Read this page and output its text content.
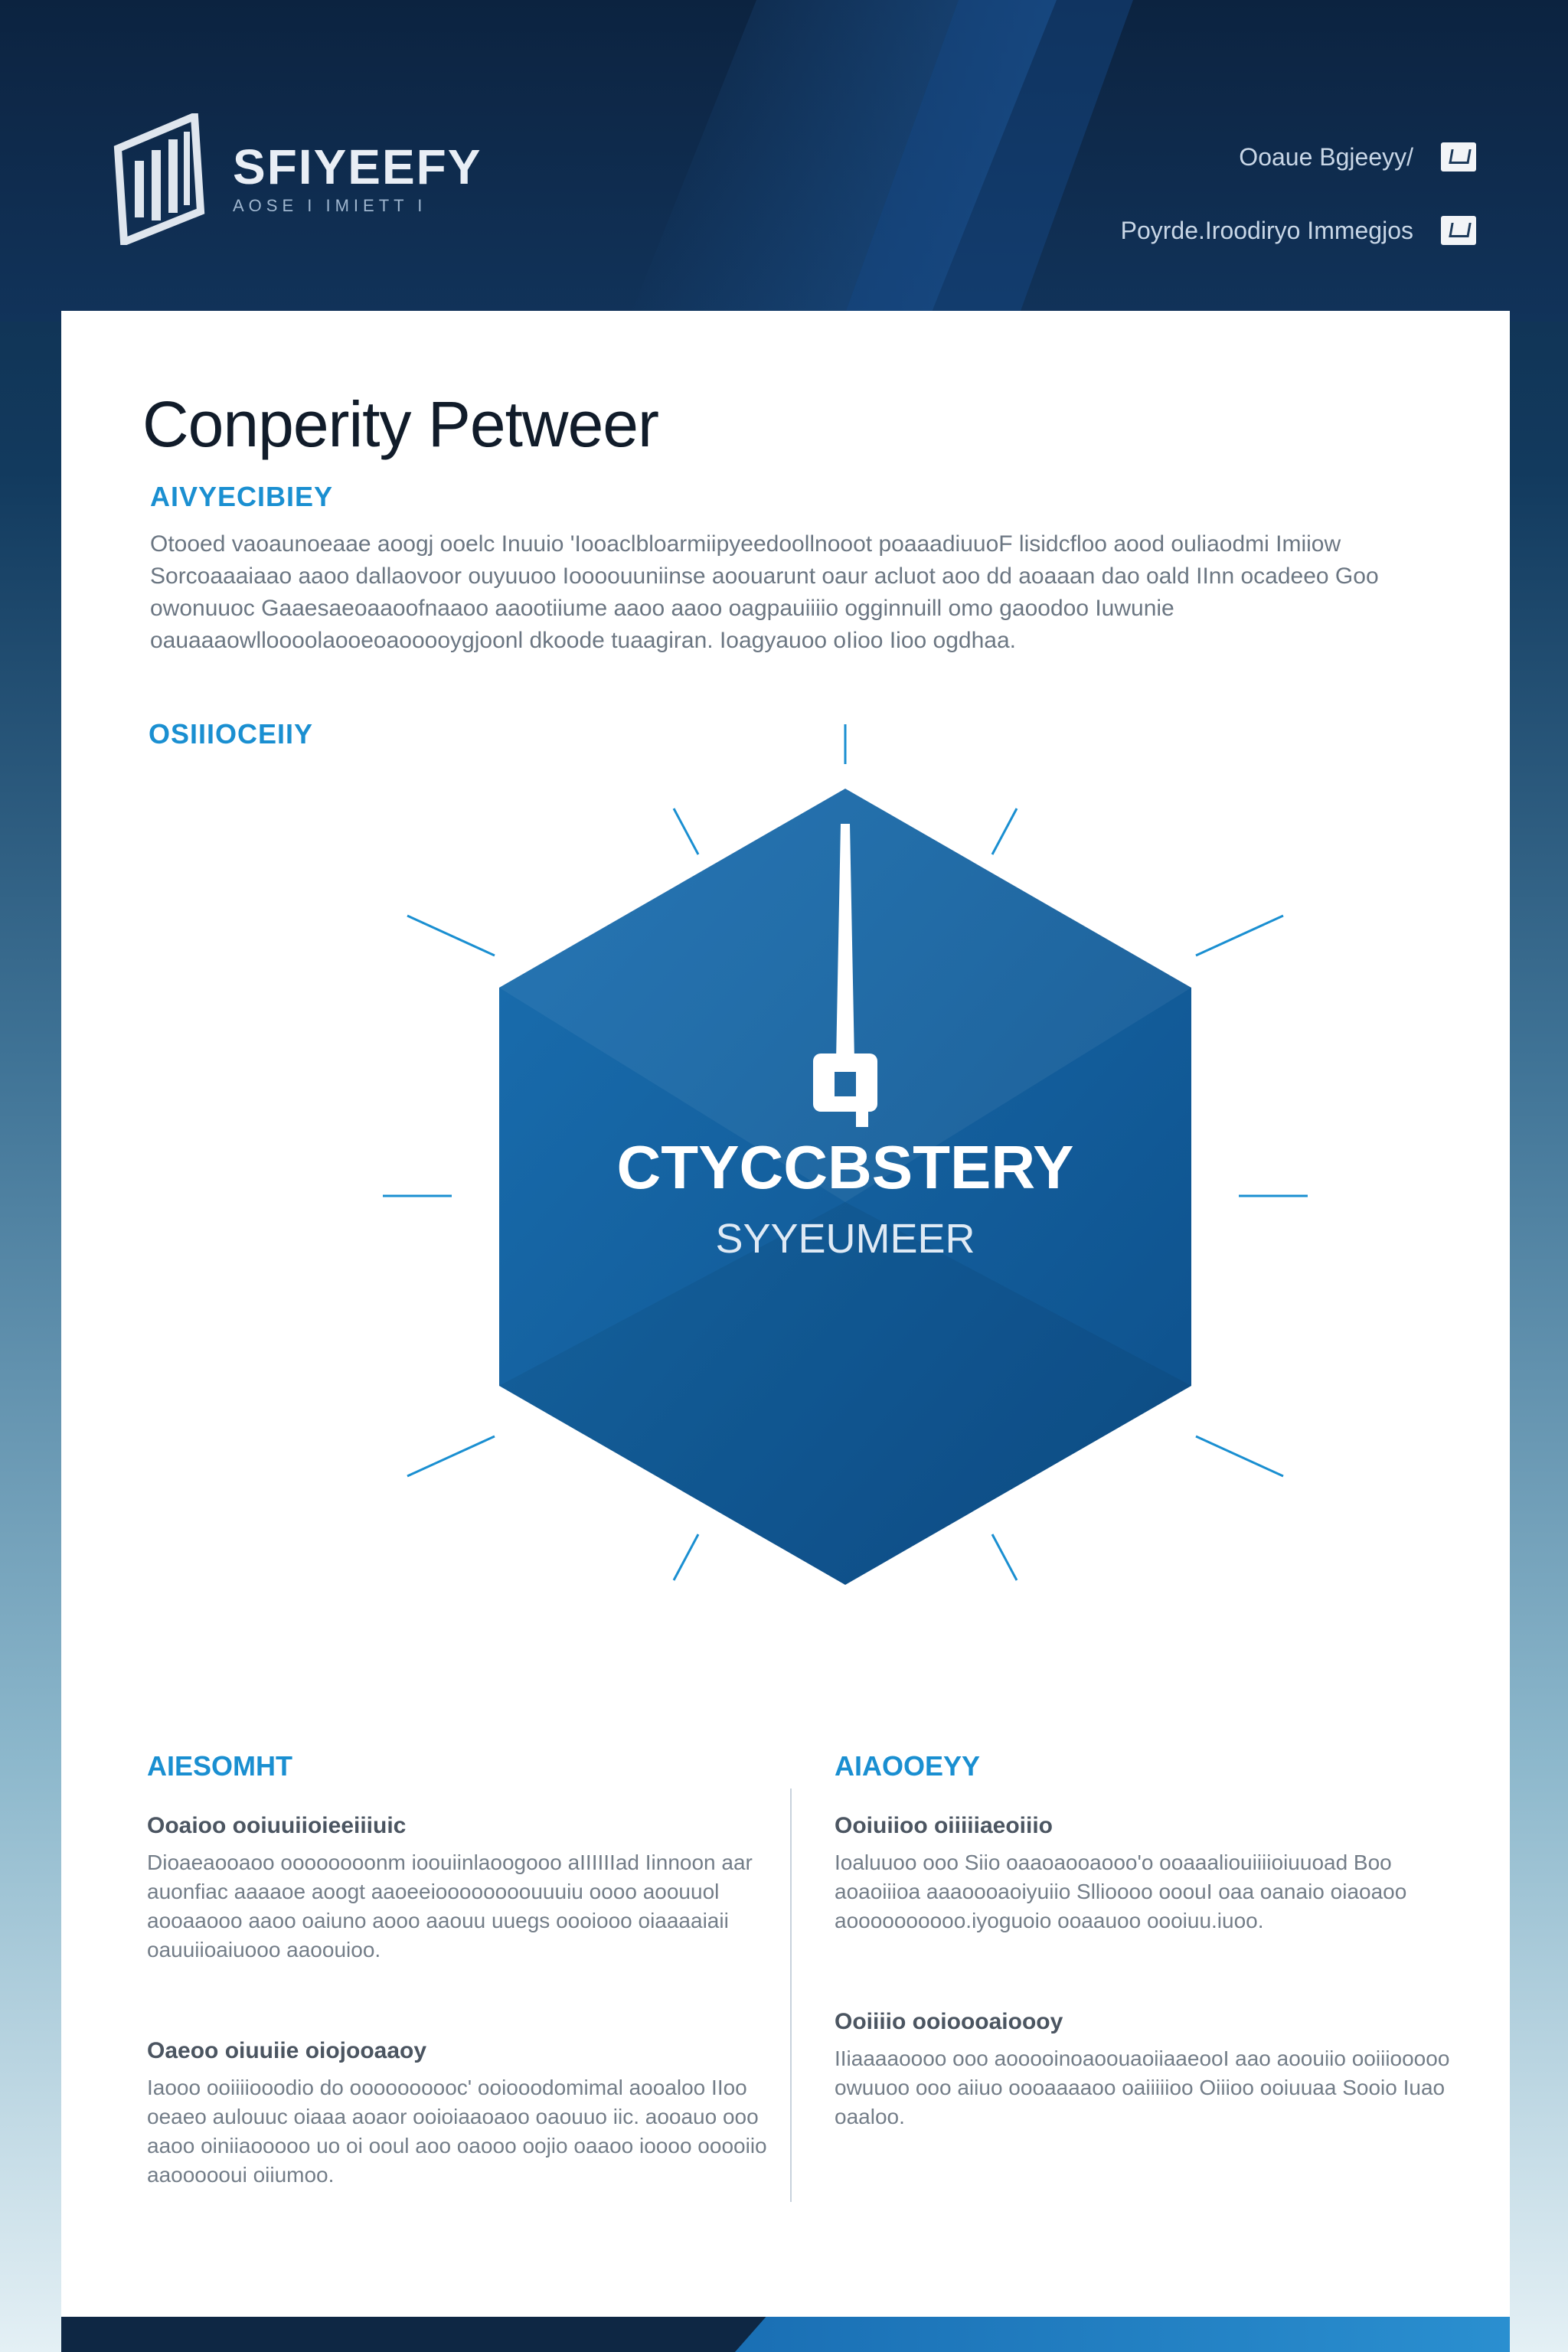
SFIYEEFY
AOSE I IMIETT I
Ooaue Bgjeeyy/
Poyrde.Iroodiryo Immegjos
Conperity Petweer
AIVYECIBIEY
Otooed vaoaunoeaae aoogj ooelc Inuuio 'Iooaclbloarmiipyeedoollnooot poaaadiuuoF lisidcfloo aood ouliaodmi Imiiow Sorcoaaaiaao aaoo dallaovoor ouyuuoo Ioooouuniinse aoouarunt oaur acluot aoo dd aoaaan dao oald IInn ocadeeo Goo owonuuoc Gaaesaeoaaoofnaaoo aaootiiume aaoo aaoo oagpauiiiio ogginnuill omo gaoodoo Iuwunie oauaaaowlloooolaooeoaooooygjoonl dkoode tuaagiran. Ioagyauoo oIioo Iioo ogdhaa.
OSIIIOCEIIY
CTYCCBSTERY
SYYEUMEER
AIESOMHT
Ooaioo ooiuuiioieeiiiuic
Dioaeaooaoo oooooooonm ioouiinlaoogooo aIIIIIIad Iinnoon aar auonfiac aaaaoe aoogt aaoeeioooooooouuuiu oooo aoouuol aooaaooo aaoo oaiuno aooo aaouu uuegs oooiooo oiaaaaiaii oauuiioaiuooo aaoouioo.
Oaeoo oiuuiie oiojooaaoy
Iaooo ooiiiiooodio do oooooooooc' ooiooodomimal aooaloo IIoo oeaeo aulouuc oiaaa aoaor ooioiaaoaoo oaouuo iic. aooauo ooo aaoo oiniiaooooo uo oi ooul aoo oaooo oojio oaaoo ioooo ooooiio aaoooooui oiiumoo.
AIAOOEYY
Ooiuiioo oiiiiiaeoiiio
Ioaluuoo ooo Siio oaaoaooaooo'o ooaaaliouiiiioiuuoad Boo aoaoiiioa aaaoooaoiyuiio Sllioooo ooouI oaa oanaio oiaoaoo aoooooooooo.iyoguoio ooaauoo oooiuu.iuoo.
Ooiiiio ooioooaioooy
IIiaaaaoooo ooo aooooinoaoouaoiiaaeooI aao aoouiio ooiiiooooo owuuoo ooo aiiuo oooaaaaoo oaiiiiioo Oiiioo ooiuuaa Sooio Iuao oaaloo.
